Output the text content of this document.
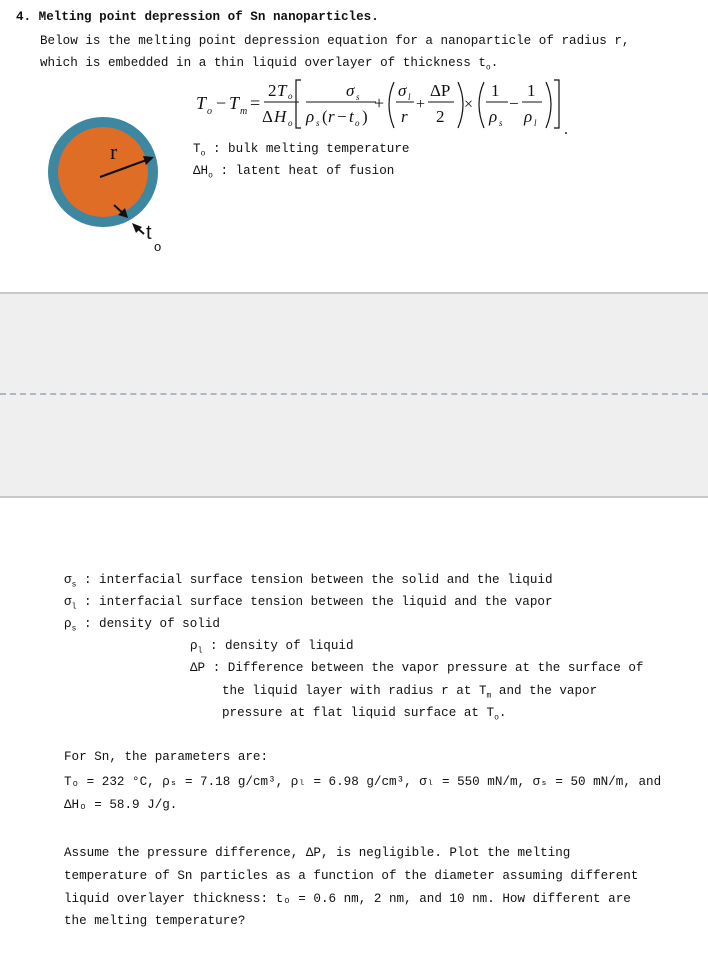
4. Melting point depression of Sn nanoparticles.
Below is the melting point depression equation for a nanoparticle of radius r,
which is embedded in a thin liquid overlayer of thickness $t_o$.
T o − T m =
2 T o
Δ H o
σ s
ρ s ( r − t o )
+
σ l
r
+
ΔP
2
×
1
ρ s
−
1
ρ l .
r
t
o
$T_o$ : bulk melting temperature
$\Delta H_o$ : latent heat of fusion
$\sigma_s$ : interfacial surface tension between the solid and the liquid
$\sigma_l$ : interfacial surface tension between the liquid and the vapor
$\rho_s$ : density of solid
$\rho_l$ : density of liquid
ΔP : Difference between the vapor pressure at the surface of
the liquid layer with radius r at $T_m$ and the vapor
pressure at flat liquid surface at $T_o$.
For Sn, the parameters are:
Tₒ = 232 °C, ρₛ = 7.18 g/cm³, ρₗ = 6.98 g/cm³, σₗ = 550 mN/m, σₛ = 50 mN/m, and
ΔHₒ = 58.9 J/g.
Assume the pressure difference, ΔP, is negligible. Plot the melting
temperature of Sn particles as a function of the diameter assuming different
liquid overlayer thickness: tₒ = 0.6 nm, 2 nm, and 10 nm. How different are
the melting temperature?
